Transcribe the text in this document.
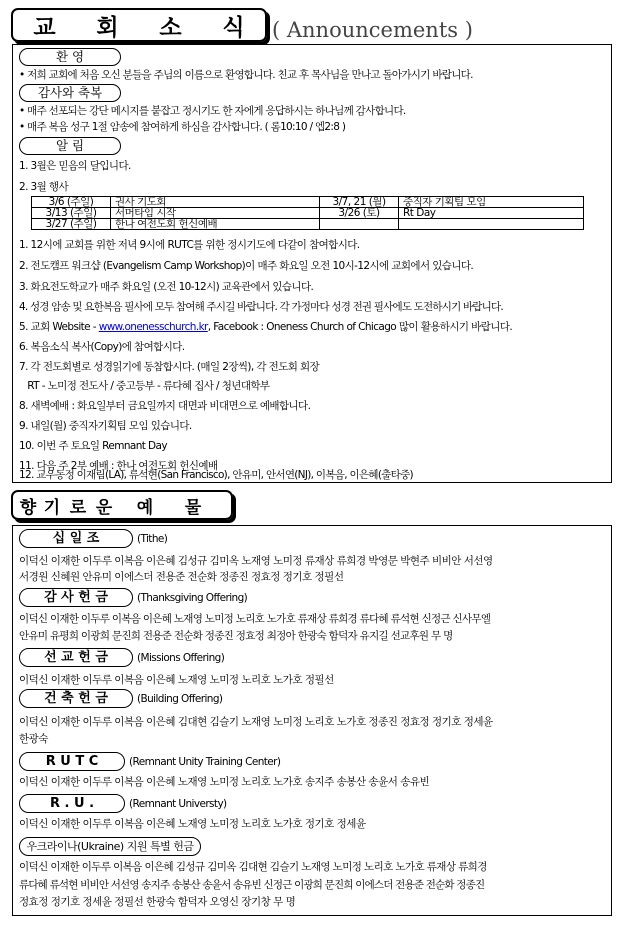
교	회	소	식	( Announcements )
환 영
• 저희 교회에 처음 오신 분들을 주님의 이름으로 환영합니다. 친교 후 목사님을 만나고 돌아가시기 바랍니다.
감사와 축복
• 매주 선포되는 강단 메시지를 붙잡고 정시기도 한 자에게 응답하시는 하나님께 감사합니다.
• 매주 복음 성구 1절 암송에 참여하게 하심을 감사합니다. ( 롬10:10 / 엡2:8 )
알 림
1. 3월은 믿음의 달입니다.
2. 3월 행사
3/6 (주일)	권사 기도회	3/7, 21 (월)	중직자 기획팀 모임
3/13 (주일)	서머타임 시작	3/26 (토)	Rt Day
3/27 (주일)	한나 여전도회 헌신예배		
1. 12시에 교회를 위한 저녁 9시에 RUTC를 위한 정시기도에 다같이 참여합시다.
2. 전도캠프 워크샵 (Evangelism Camp Workshop)이 매주 화요일 오전 10시-12시에 교회에서 있습니다.
3. 화요전도학교가 매주 화요일 (오전 10-12시) 교육관에서 있습니다.
4. 성경 암송 및 요한복음 필사에 모두 참여해 주시길 바랍니다. 각 가정마다 성경 전권 필사에도 도전하시기 바랍니다.
5. 교회 Website - www.onenesschurch.kr, Facebook : Oneness Church of Chicago 많이 활용하시기 바랍니다.
6. 복음소식 복사(Copy)에 참여합시다.
7. 각 전도회별로 성경읽기에 동참합시다. (매일 2장씩), 각 전도회 회장
RT - 노미정 전도사 / 중고등부 - 류다혜 집사 / 청년대학부
8. 새벽예배 : 화요일부터 금요일까지 대면과 비대면으로 예배합니다.
9. 내일(월) 중직자기획팀 모임 있습니다.
10. 이번 주 토요일 Remnant Day
11. 다음 주 2부 예배 : 한나 여전도회 헌신예배
12. 교우동정 이재림(LA), 류석현(San Francisco), 안유미, 안서연(NJ), 이복음, 이은혜(출타중)
향 기 로 운	예	물
십 일 조	(Tithe)
이덕신 이재한 이두루 이복음 이은혜 김성규 김미옥 노재영 노미정 류재상 류희경 박영문 박현주 비비안 서선영
서경원 신혜원 안유미 이에스더 전용준 전순화 정종진 정효정 정기호 정필선
감 사 헌 금	(Thanksgiving Offering)
이덕신 이재한 이두루 이복음 이은혜 노재영 노미정 노리호 노가호 류재상 류희경 류다혜 류석현 신정근 신사무엘
안유미 유평희 이광희 문진희 전용준 전순화 정종진 정효정 최정아 한광숙 함덕자 유지길 선교후원 무 명
선 교 헌 금	(Missions Offering)
이덕신 이재한 이두루 이복음 이은혜 노재영 노미정 노리호 노가호 정필선
건 축 헌 금	(Building Offering)
이덕신 이재한 이두루 이복음 이은혜 김대현 김슬기 노재영 노미정 노리호 노가호 정종진 정효정 정기호 정세윤
한광숙
R U T C	(Remnant Unity Training Center)
이덕신 이재한 이두루 이복음 이은혜 노재영 노미정 노리호 노가호 송지주 송봉산 송윤서 송유빈
R . U .	(Remnant Universty)
이덕신 이재한 이두루 이복음 이은혜 노재영 노미정 노리호 노가호 정기호 정세윤
우크라이나(Ukraine) 지원 특별 헌금
이덕신 이재한 이두루 이복음 이은혜 김성규 김미옥 김대현 김슬기 노재영 노미정 노리호 노가호 류재상 류희경
류다혜 류석현 비비안 서선영 송지주 송봉산 송윤서 송유빈 신정근 이광희 문진희 이에스더 전용준 전순화 정종진
정효정 정기호 정세윤 정필선 한광숙 함덕자 오영신 장기창 무 명
